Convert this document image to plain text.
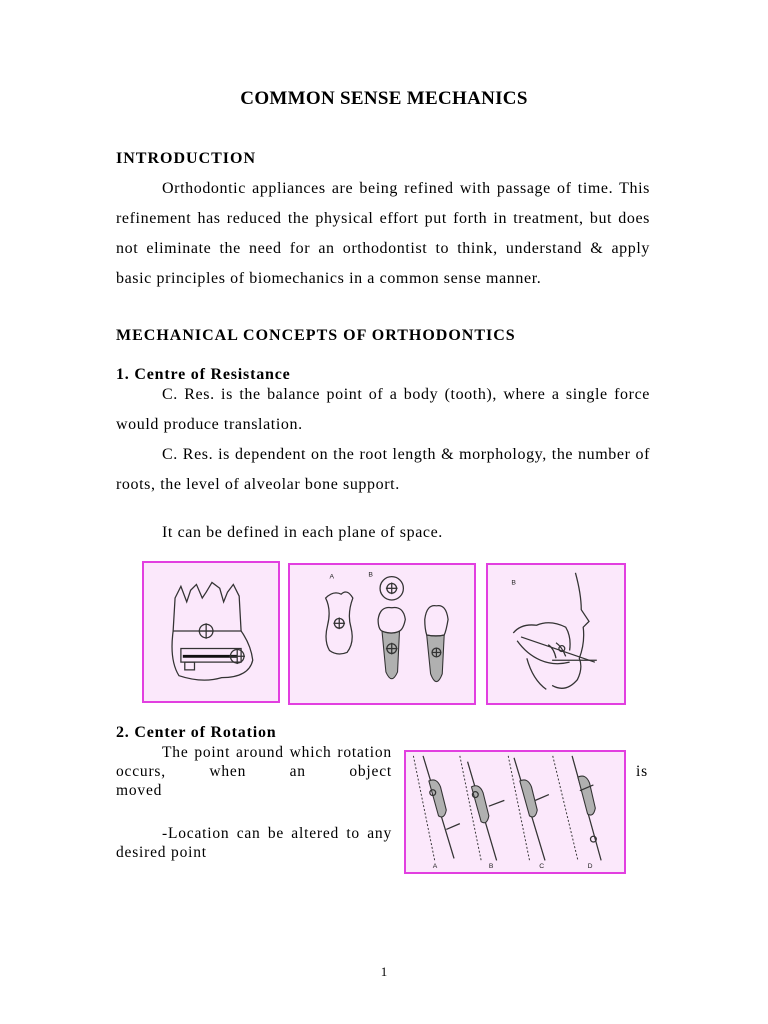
COMMON SENSE MECHANICS
INTRODUCTION

Orthodontic appliances are being refined with passage of time. This refinement has reduced the physical effort put forth in treatment, but does not eliminate the need for an orthodontist to think, understand & apply basic principles of biomechanics in a common sense manner.

MECHANICAL CONCEPTS OF ORTHODONTICS
1. Centre of Resistance

C. Res. is the balance point of a body (tooth), where a single force would produce translation.

C. Res. is dependent on the root length & morphology, the number of roots, the level of alveolar bone support.

It can be defined in each plane of space.

A	B
B
2. Center of Rotation
The point around which rotation occurs, when an object	is
moved
-Location can be altered to any desired point
A	B	C	D
1
